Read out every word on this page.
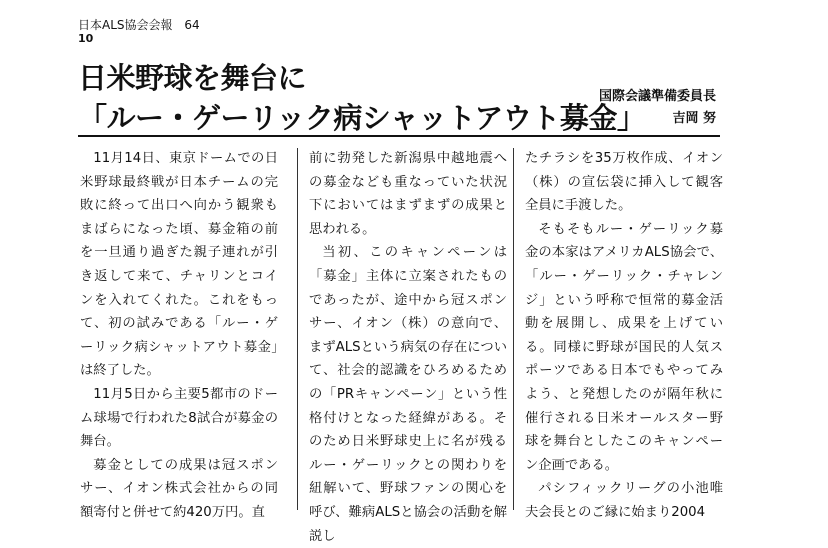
日本ALS協会会報 64
10
日米野球を舞台に
「ルー・ゲーリック病シャットアウト募金」
国際会議準備委員長
吉岡 努

11月14日、東京ドームでの日米野球最終戦が日本チームの完敗に終って出口へ向かう観衆もまばらになった頃、募金箱の前を一旦通り過ぎた親子連れが引き返して来て、チャリンとコインを入れてくれた。これをもって、初の試みである「ルー・ゲーリック病シャットアウト募金」は終了した。

11月5日から主要5都市のドーム球場で行われた8試合が募金の舞台。

募金としての成果は冠スポンサー、イオン株式会社からの同額寄付と併せて約420万円。直

前に勃発した新潟県中越地震への募金なども重なっていた状況下においてはまずまずの成果と思われる。

当初、このキャンペーンは「募金」主体に立案されたものであったが、途中から冠スポンサー、イオン（株）の意向で、まずALSという病気の存在について、社会的認識をひろめるための「PRキャンペーン」という性格付けとなった経緯がある。そのため日米野球史上に名が残るルー・ゲーリックとの関わりを紐解いて、野球ファンの関心を呼び、難病ALSと協会の活動を解説し

たチラシを35万枚作成、イオン（株）の宣伝袋に挿入して観客全員に手渡した。

そもそもルー・ゲーリック募金の本家はアメリカALS協会で、「ルー・ゲーリック・チャレンジ」という呼称で恒常的募金活動を展開し、成果を上げている。同様に野球が国民的人気スポーツである日本でもやってみよう、と発想したのが隔年秋に催行される日米オールスター野球を舞台としたこのキャンペーン企画である。

パシフィックリーグの小池唯夫会長とのご縁に始まり2004
